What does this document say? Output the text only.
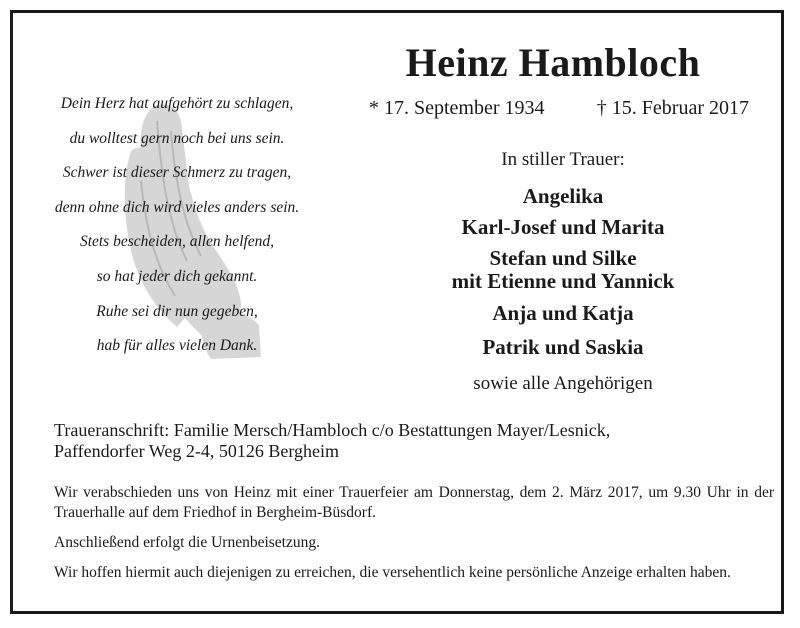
Dein Herz hat aufgehört zu schlagen,
du wolltest gern noch bei uns sein.
Schwer ist dieser Schmerz zu tragen,
denn ohne dich wird vieles anders sein.
Stets bescheiden, allen helfend,
so hat jeder dich gekannt.
Ruhe sei dir nun gegeben,
hab für alles vielen Dank.
Heinz Hambloch
* 17. September 1934	† 15. Februar 2017
In stiller Trauer:
Angelika
Karl-Josef und Marita
Stefan und Silke
mit Etienne und Yannick
Anja und Katja
Patrik und Saskia
sowie alle Angehörigen
Traueranschrift: Familie Mersch/Hambloch c/o Bestattungen Mayer/Lesnick,
Paffendorfer Weg 2-4, 50126 Bergheim

Wir verabschieden uns von Heinz mit einer Trauerfeier am Donnerstag, dem 2. März 2017, um 9.30 Uhr in der Trauerhalle auf dem Friedhof in Bergheim-Büsdorf.

Anschließend erfolgt die Urnenbeisetzung.

Wir hoffen hiermit auch diejenigen zu erreichen, die versehentlich keine persönliche Anzeige erhalten haben.
